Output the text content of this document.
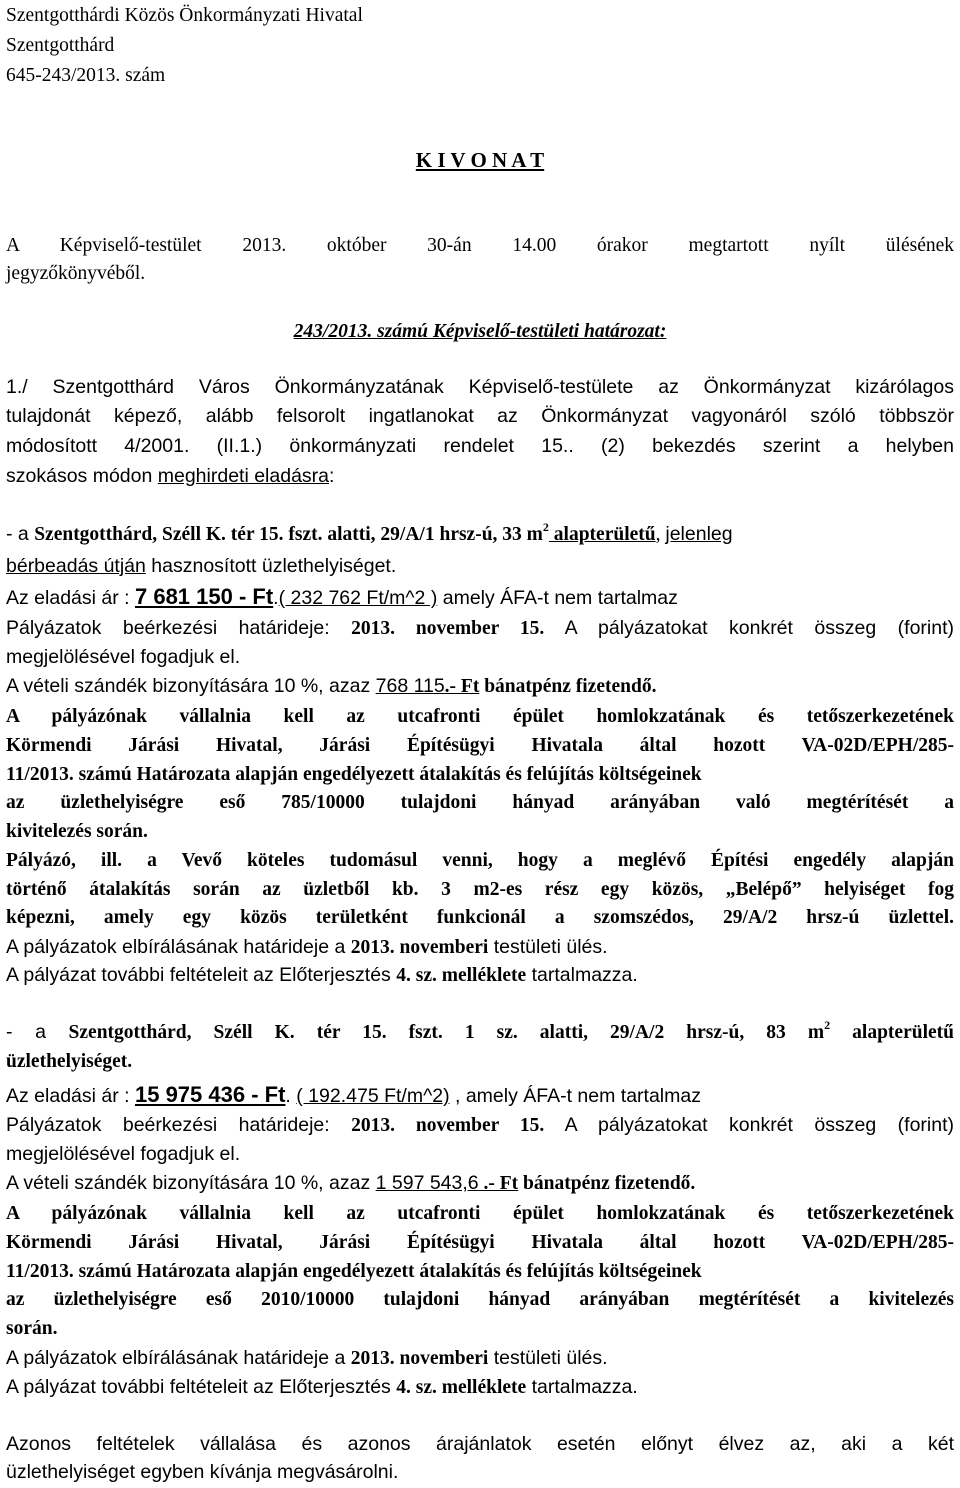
Szentgotthárdi Közös Önkormányzati Hivatal
Szentgotthárd
645-243/2013. szám
K I V O N A T
A Képviselő-testület 2013. október 30-án 14.00 órakor megtartott nyílt ülésének
jegyzőkönyvéből.
243/2013. számú Képviselő-testületi határozat:
1./ Szentgotthárd Város Önkormányzatának Képviselő-testülete az Önkormányzat kizárólagos
tulajdonát képező, alább felsorolt ingatlanokat az Önkormányzat vagyonáról szóló többször
módosított 4/2001. (II.1.) önkormányzati rendelet 15.. (2) bekezdés szerint a helyben
szokásos módon meghirdeti eladásra:
- a Szentgotthárd, Széll K. tér 15. fszt. alatti, 29/A/1 hrsz-ú, 33 $m^2$ alapterületű, jelenleg
bérbeadás útján hasznosított üzlethelyiséget.
Az eladási ár : 7 681 150 - Ft.( 232 762 Ft/m^2 ) amely ÁFA-t nem tartalmaz
Pályázatok beérkezési határideje: 2013. november 15. A pályázatokat konkrét összeg (forint)
megjelölésével fogadjuk el.
A vételi szándék bizonyítására 10 %, azaz 768 115.- Ft bánatpénz fizetendő.
A pályázónak vállalnia kell az utcafronti épület homlokzatának és tetőszerkezetének
Körmendi Járási Hivatal, Járási Építésügyi Hivatala által hozott VA-02D/EPH/285-
11/2013. számú Határozata alapján engedélyezett átalakítás és felújítás költségeinek
az üzlethelyiségre eső 785/10000 tulajdoni hányad arányában való megtérítését a
kivitelezés során.
Pályázó, ill. a Vevő köteles tudomásul venni, hogy a meglévő Építési engedély alapján
történő átalakítás során az üzletből kb. 3 m2-es rész egy közös, „Belépő” helyiséget fog
képezni, amely egy közös területként funkcionál a szomszédos, 29/A/2 hrsz-ú üzlettel.
A pályázatok elbírálásának határideje a 2013. novemberi testületi ülés.
A pályázat további feltételeit az Előterjesztés 4. sz. melléklete tartalmazza.
- a Szentgotthárd, Széll K. tér 15. fszt. 1 sz. alatti, 29/A/2 hrsz-ú, 83 $m^2$ alapterületű
üzlethelyiséget.
Az eladási ár : 15 975 436 - Ft. ( 192.475 Ft/m^2) , amely ÁFA-t nem tartalmaz
Pályázatok beérkezési határideje: 2013. november 15. A pályázatokat konkrét összeg (forint)
megjelölésével fogadjuk el.
A vételi szándék bizonyítására 10 %, azaz 1 597 543,6 .- Ft bánatpénz fizetendő.
A pályázónak vállalnia kell az utcafronti épület homlokzatának és tetőszerkezetének
Körmendi Járási Hivatal, Járási Építésügyi Hivatala által hozott VA-02D/EPH/285-
11/2013. számú Határozata alapján engedélyezett átalakítás és felújítás költségeinek
az üzlethelyiségre eső 2010/10000 tulajdoni hányad arányában megtérítését a kivitelezés
során.
A pályázatok elbírálásának határideje a 2013. novemberi testületi ülés.
A pályázat további feltételeit az Előterjesztés 4. sz. melléklete tartalmazza.
Azonos feltételek vállalása és azonos árajánlatok esetén előnyt élvez az, aki a két
üzlethelyiséget egyben kívánja megvásárolni.
